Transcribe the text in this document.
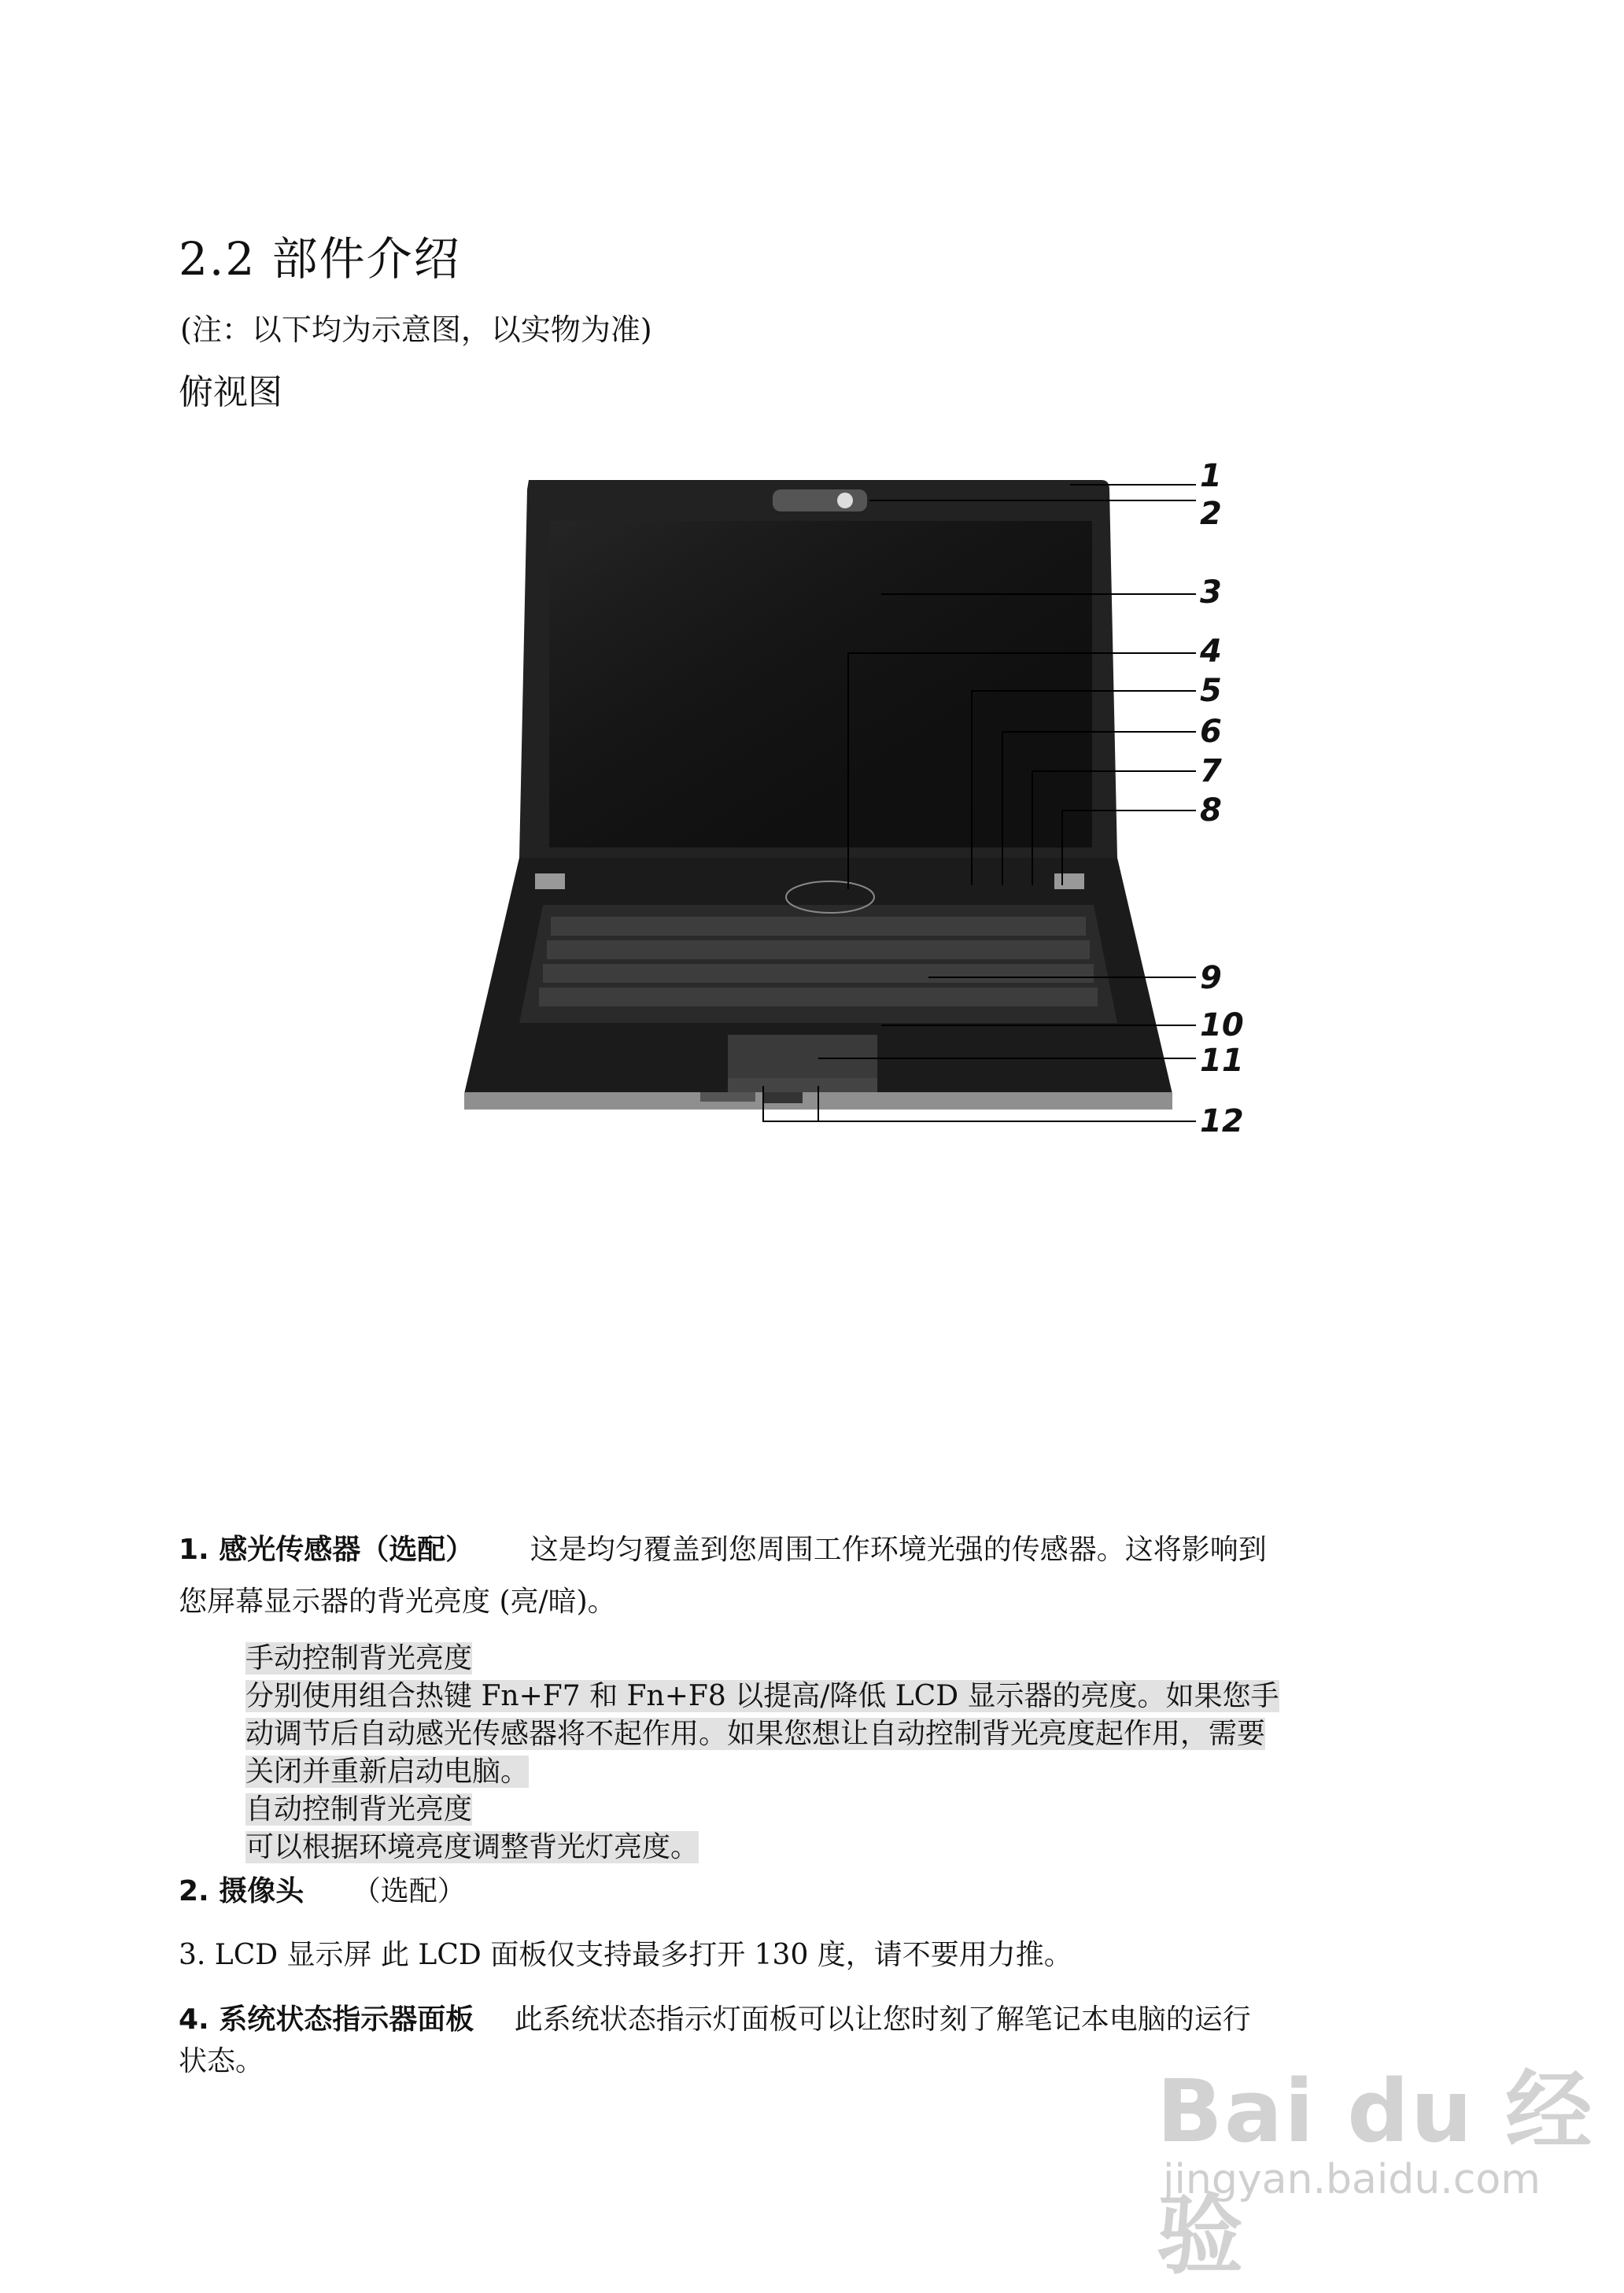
2.2 部件介绍
(注：以下均为示意图，以实物为准)
俯视图
1
2
3
4
5
6
7
8
9
10
11
12
1. 感光传感器（选配） 这是均匀覆盖到您周围工作环境光强的传感器。这将影响到
您屏幕显示器的背光亮度 (亮/暗)。
手动控制背光亮度
分别使用组合热键 Fn+F7 和 Fn+F8 以提高/降低 LCD 显示器的亮度。如果您手
动调节后自动感光传感器将不起作用。如果您想让自动控制背光亮度起作用，需要
关闭并重新启动电脑。
自动控制背光亮度
可以根据环境亮度调整背光灯亮度。
2. 摄像头 （选配）
3. LCD 显示屏 此 LCD 面板仅支持最多打开 130 度，请不要用力推。
4. 系统状态指示器面板 此系统状态指示灯面板可以让您时刻了解笔记本电脑的运行
状态。	Bai du 经验
jingyan.baidu.com
